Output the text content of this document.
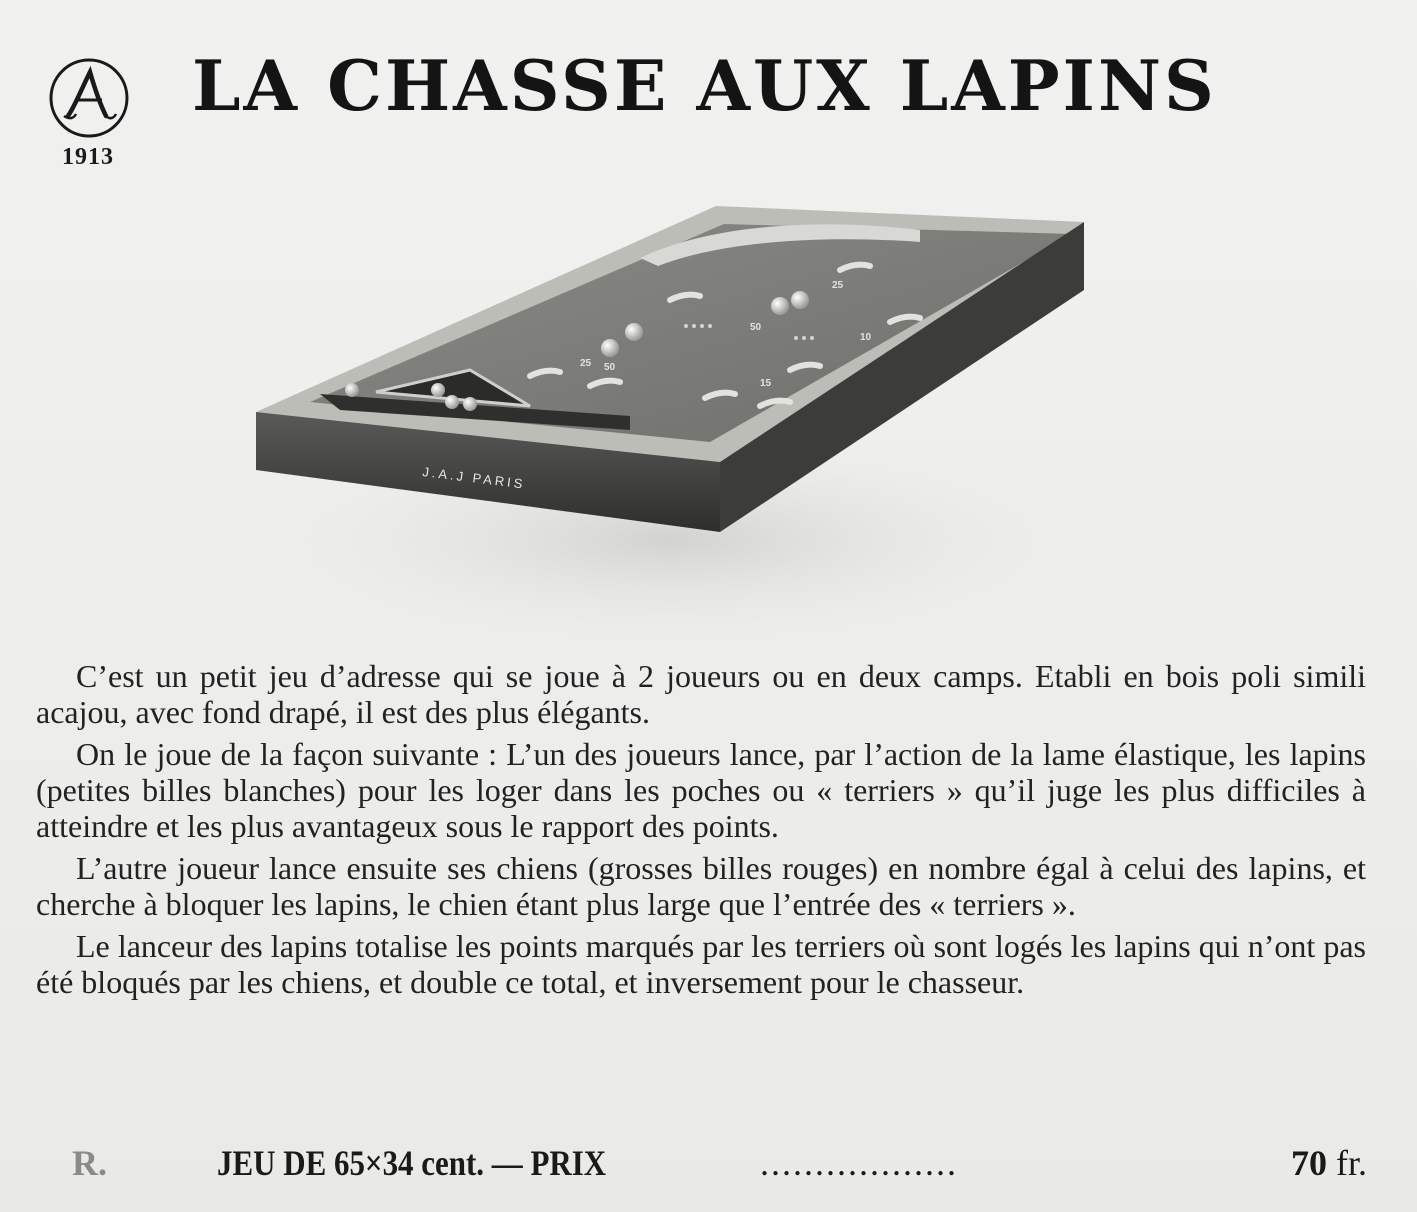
1913
LA CHASSE AUX LAPINS
J.A.J PARIS
25
50
50
10
15
25

C’est un petit jeu d’adresse qui se joue à 2 joueurs ou en deux camps. Etabli en bois poli simili acajou, avec fond drapé, il est des plus élégants.

On le joue de la façon suivante : L’un des joueurs lance, par l’action de la lame élastique, les lapins (petites billes blanches) pour les loger dans les poches ou « terriers » qu’il juge les plus difficiles à atteindre et les plus avantageux sous le rapport des points.

L’autre joueur lance ensuite ses chiens (grosses billes rouges) en nombre égal à celui des lapins, et cherche à bloquer les lapins, le chien étant plus large que l’entrée des « terriers ».

Le lanceur des lapins totalise les points marqués par les terriers où sont logés les lapins qui n’ont pas été bloqués par les chiens, et double ce total, et inversement pour le chasseur.

R.	JEU DE 65×34 cent. — PRIX	..................	70 fr.
